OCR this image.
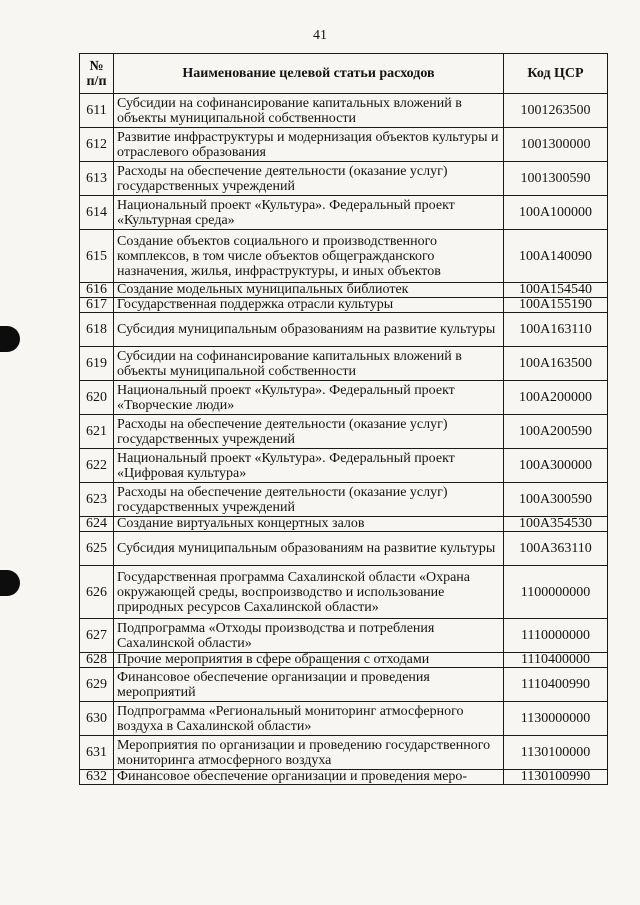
41
№ п/п	Наименование целевой статьи расходов	Код ЦСР
611	Субсидии на софинансирование капитальных вложений в объекты муниципальной собственности	1001263500
612	Развитие инфраструктуры и модернизация объектов культуры и отраслевого образования	1001300000
613	Расходы на обеспечение деятельности (оказание услуг) государственных учреждений	1001300590
614	Национальный проект «Культура». Федеральный проект «Культурная среда»	100А100000
615	Создание объектов социального и производственного комплексов, в том числе объектов общегражданского назначения, жилья, инфраструктуры, и иных объектов	100А140090
616	Создание модельных муниципальных библиотек	100А154540
617	Государственная поддержка отрасли культуры	100А155190
618	Субсидия муниципальным образованиям на развитие культуры	100А163110
619	Субсидии на софинансирование капитальных вложений в объекты муниципальной собственности	100А163500
620	Национальный проект «Культура». Федеральный проект «Творческие люди»	100А200000
621	Расходы на обеспечение деятельности (оказание услуг) государственных учреждений	100А200590
622	Национальный проект «Культура». Федеральный проект «Цифровая культура»	100А300000
623	Расходы на обеспечение деятельности (оказание услуг) государственных учреждений	100А300590
624	Создание виртуальных концертных залов	100А354530
625	Субсидия муниципальным образованиям на развитие культуры	100А363110
626	Государственная программа Сахалинской области «Охрана окружающей среды, воспроизводство и использование природных ресурсов Сахалинской области»	1100000000
627	Подпрограмма «Отходы производства и потребления Сахалинской области»	1110000000
628	Прочие мероприятия в сфере обращения с отходами	1110400000
629	Финансовое обеспечение организации и проведения мероприятий	1110400990
630	Подпрограмма «Региональный мониторинг атмосферного воздуха в Сахалинской области»	1130000000
631	Мероприятия по организации и проведению государственного мониторинга атмосферного воздуха	1130100000
632	Финансовое обеспечение организации и проведения меро-	1130100990
